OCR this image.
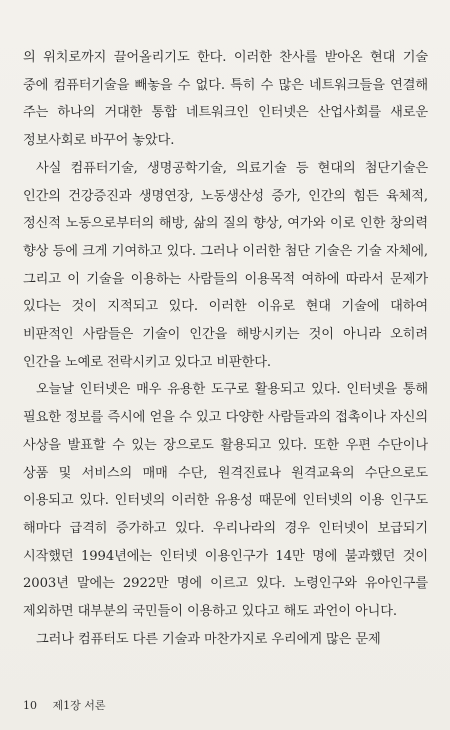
의 위치로까지 끌어올리기도 한다. 이러한 찬사를 받아온 현대 기술 중에 컴퓨터기술을 빼놓을 수 없다. 특히 수 많은 네트워크들을 연결해 주는 하나의 거대한 통합 네트워크인 인터넷은 산업사회를 새로운 정보사회로 바꾸어 놓았다.

사실 컴퓨터기술, 생명공학기술, 의료기술 등 현대의 첨단기술은 인간의 건강증진과 생명연장, 노동생산성 증가, 인간의 힘든 육체적, 정신적 노동으로부터의 해방, 삶의 질의 향상, 여가와 이로 인한 창의력 향상 등에 크게 기여하고 있다. 그러나 이러한 첨단 기술은 기술 자체에, 그리고 이 기술을 이용하는 사람들의 이용목적 여하에 따라서 문제가 있다는 것이 지적되고 있다. 이러한 이유로 현대 기술에 대하여 비판적인 사람들은 기술이 인간을 해방시키는 것이 아니라 오히려 인간을 노예로 전락시키고 있다고 비판한다.

오늘날 인터넷은 매우 유용한 도구로 활용되고 있다. 인터넷을 통해 필요한 정보를 즉시에 얻을 수 있고 다양한 사람들과의 접촉이나 자신의 사상을 발표할 수 있는 장으로도 활용되고 있다. 또한 우편 수단이나 상품 및 서비스의 매매 수단, 원격진료나 원격교육의 수단으로도 이용되고 있다. 인터넷의 이러한 유용성 때문에 인터넷의 이용 인구도 해마다 급격히 증가하고 있다. 우리나라의 경우 인터넷이 보급되기 시작했던 1994년에는 인터넷 이용인구가 14만 명에 불과했던 것이 2003년 말에는 2922만 명에 이르고 있다. 노령인구와 유아인구를 제외하면 대부분의 국민들이 이용하고 있다고 해도 과언이 아니다.

그러나 컴퓨터도 다른 기술과 마찬가지로 우리에게 많은 문제

10 제1장 서론
